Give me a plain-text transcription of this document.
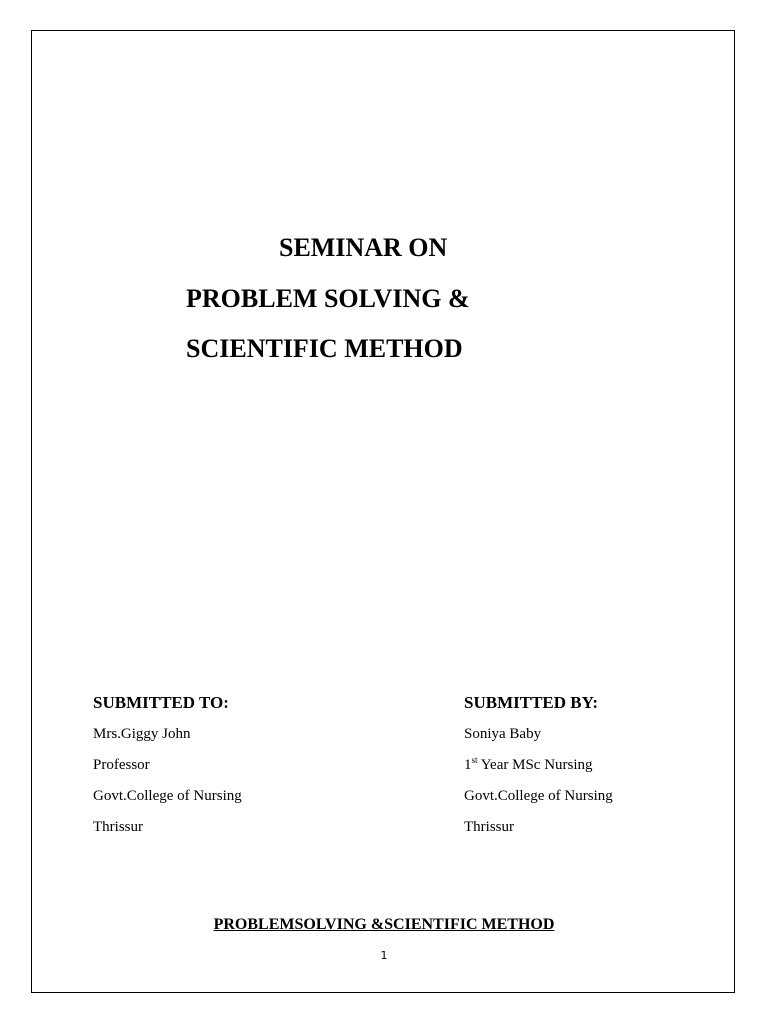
SEMINAR ON
PROBLEM SOLVING &
SCIENTIFIC METHOD
SUBMITTED TO:
Mrs.Giggy John
Professor
Govt.College of Nursing
Thrissur
SUBMITTED BY:
Soniya Baby
1st Year MSc Nursing
Govt.College of Nursing
Thrissur
PROBLEMSOLVING &SCIENTIFIC METHOD
1
